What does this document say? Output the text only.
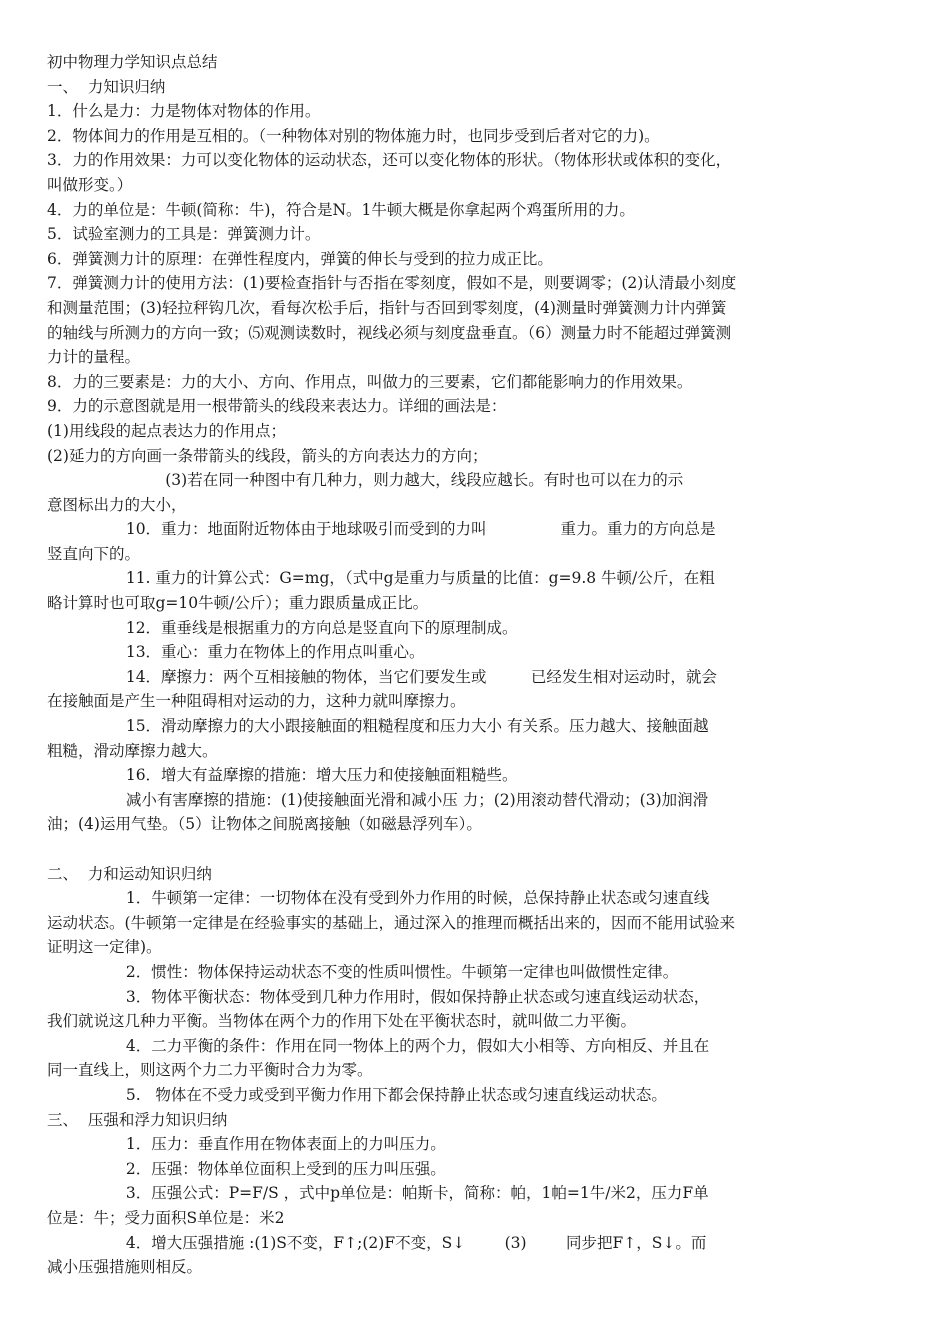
初中物理力学知识点总结
一、  力知识归纳
1．什么是力：力是物体对物体的作用。
2．物体间力的作用是互相的。（一种物体对别的物体施力时，也同步受到后者对它的力)。
3．力的作用效果：力可以变化物体的运动状态，还可以变化物体的形状。（物体形状或体积的变化，
叫做形变。）
4．力的单位是：牛顿(简称：牛)，符合是N。1牛顿大概是你拿起两个鸡蛋所用的力。
5．试验室测力的工具是：弹簧测力计。
6．弹簧测力计的原理：在弹性程度内，弹簧的伸长与受到的拉力成正比。
7．弹簧测力计的使用方法：(1)要检查指针与否指在零刻度，假如不是，则要调零；(2)认清最小刻度
和测量范围；(3)轻拉秤钩几次，看每次松手后，指针与否回到零刻度，(4)测量时弹簧测力计内弹簧
的轴线与所测力的方向一致；⑸观测读数时，视线必须与刻度盘垂直。（6）测量力时不能超过弹簧测
力计的量程。
8．力的三要素是：力的大小、方向、作用点，叫做力的三要素，它们都能影响力的作用效果。
9．力的示意图就是用一根带箭头的线段来表达力。详细的画法是：
(1)用线段的起点表达力的作用点；
(2)延力的方向画一条带箭头的线段，箭头的方向表达力的方向；
(3)若在同一种图中有几种力，则力越大，线段应越长。有时也可以在力的示
意图标出力的大小，
10．重力：地面附近物体由于地球吸引而受到的力叫               重力。重力的方向总是
竖直向下的。
11. 重力的计算公式：G=mg，（式中g是重力与质量的比值：g=9.8 牛顿/公斤，在粗
略计算时也可取g=10牛顿/公斤）；重力跟质量成正比。
12．重垂线是根据重力的方向总是竖直向下的原理制成。
13．重心：重力在物体上的作用点叫重心。
14．摩擦力：两个互相接触的物体，当它们要发生或         已经发生相对运动时，就会
在接触面是产生一种阻碍相对运动的力，这种力就叫摩擦力。
15．滑动摩擦力的大小跟接触面的粗糙程度和压力大小 有关系。压力越大、接触面越
粗糙，滑动摩擦力越大。
16．增大有益摩擦的措施：增大压力和使接触面粗糙些。
减小有害摩擦的措施：(1)使接触面光滑和减小压 力；(2)用滚动替代滑动；(3)加润滑
油；(4)运用气垫。（5）让物体之间脱离接触（如磁悬浮列车）。
二、  力和运动知识归纳
1．牛顿第一定律：一切物体在没有受到外力作用的时候，总保持静止状态或匀速直线
运动状态。(牛顿第一定律是在经验事实的基础上，通过深入的推理而概括出来的，因而不能用试验来
证明这一定律)。
2．惯性：物体保持运动状态不变的性质叫惯性。牛顿第一定律也叫做惯性定律。
3．物体平衡状态：物体受到几种力作用时，假如保持静止状态或匀速直线运动状态，
我们就说这几种力平衡。当物体在两个力的作用下处在平衡状态时，就叫做二力平衡。
4．二力平衡的条件：作用在同一物体上的两个力，假如大小相等、方向相反、并且在
同一直线上，则这两个力二力平衡时合力为零。
5.   物体在不受力或受到平衡力作用下都会保持静止状态或匀速直线运动状态。
三、  压强和浮力知识归纳
1．压力：垂直作用在物体表面上的力叫压力。
2．压强：物体单位面积上受到的压力叫压强。
3．压强公式：P=F/S ，式中p单位是：帕斯卡，简称：帕，1帕=1牛/米2，压力F单
位是：牛；受力面积S单位是：米2
4．增大压强措施 :(1)S不变，F↑;(2)F不变，S↓        (3)        同步把F↑，S↓。而
减小压强措施则相反。
